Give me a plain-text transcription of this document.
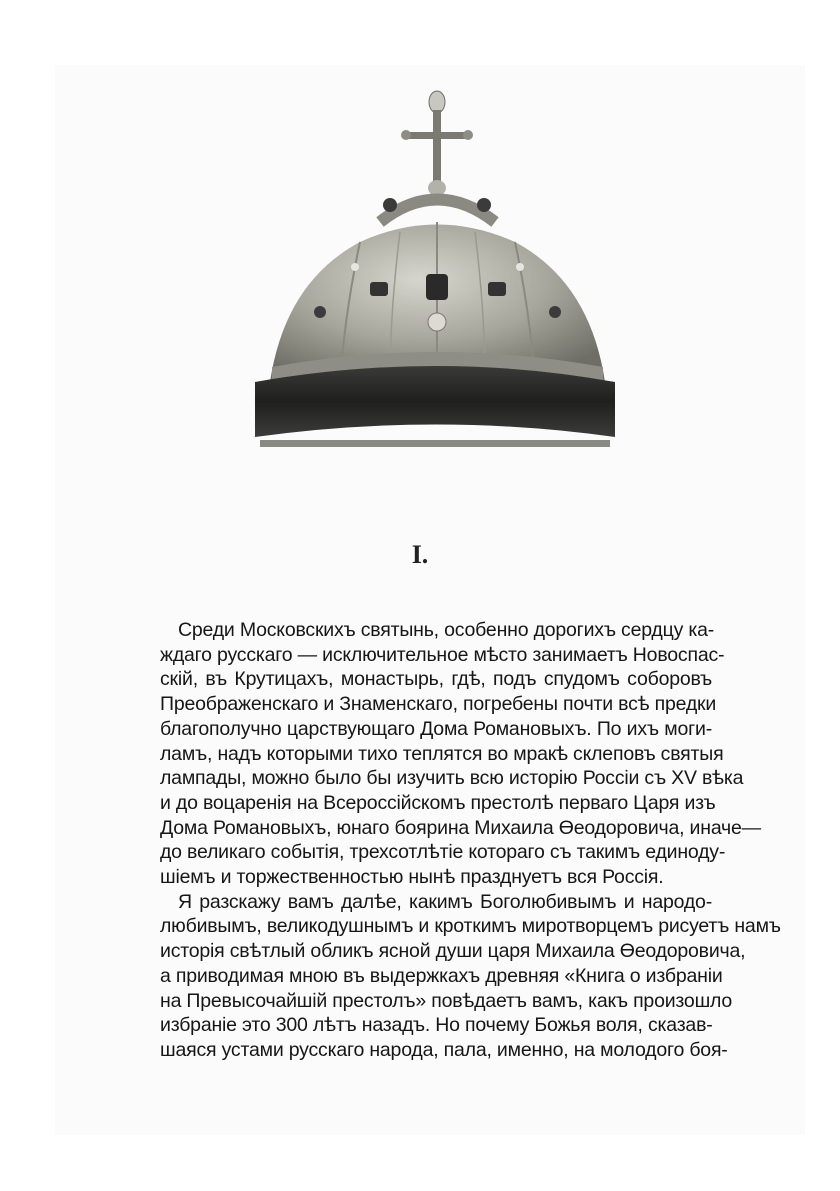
I.
Среди Московскихъ святынь, особенно дорогихъ сердцу ка-
ждаго русскаго — исключительное мѣсто занимаетъ Новоспас-
скій, въ Крутицахъ, монастырь, гдѣ, подъ спудомъ соборовъ
Преображенскаго и Знаменскаго, погребены почти всѣ предки
благополучно царствующаго Дома Романовыхъ. По ихъ моги-
ламъ, надъ которыми тихо теплятся во мракѣ склеповъ святыя
лампады, можно было бы изучить всю исторію Россіи съ XV вѣка
и до воцаренія на Всероссійскомъ престолѣ перваго Царя изъ
Дома Романовыхъ, юнаго боярина Михаила Өеодоровича, иначе—
до великаго событія, трехсотлѣтіе котораго съ такимъ единоду-
шіемъ и торжественностью нынѣ празднуетъ вся Россія.
Я разскажу вамъ далѣе, какимъ Боголюбивымъ и народо-
любивымъ, великодушнымъ и кроткимъ миротворцемъ рисуетъ намъ
исторія свѣтлый обликъ ясной души царя Михаила Өеодоровича,
а приводимая мною въ выдержкахъ древняя «Книга о избраніи
на Превысочайшій престолъ» повѣдаетъ вамъ, какъ произошло
избраніе это 300 лѣтъ назадъ. Но почему Божья воля, сказав-
шаяся устами русскаго народа, пала, именно, на молодого боя-
